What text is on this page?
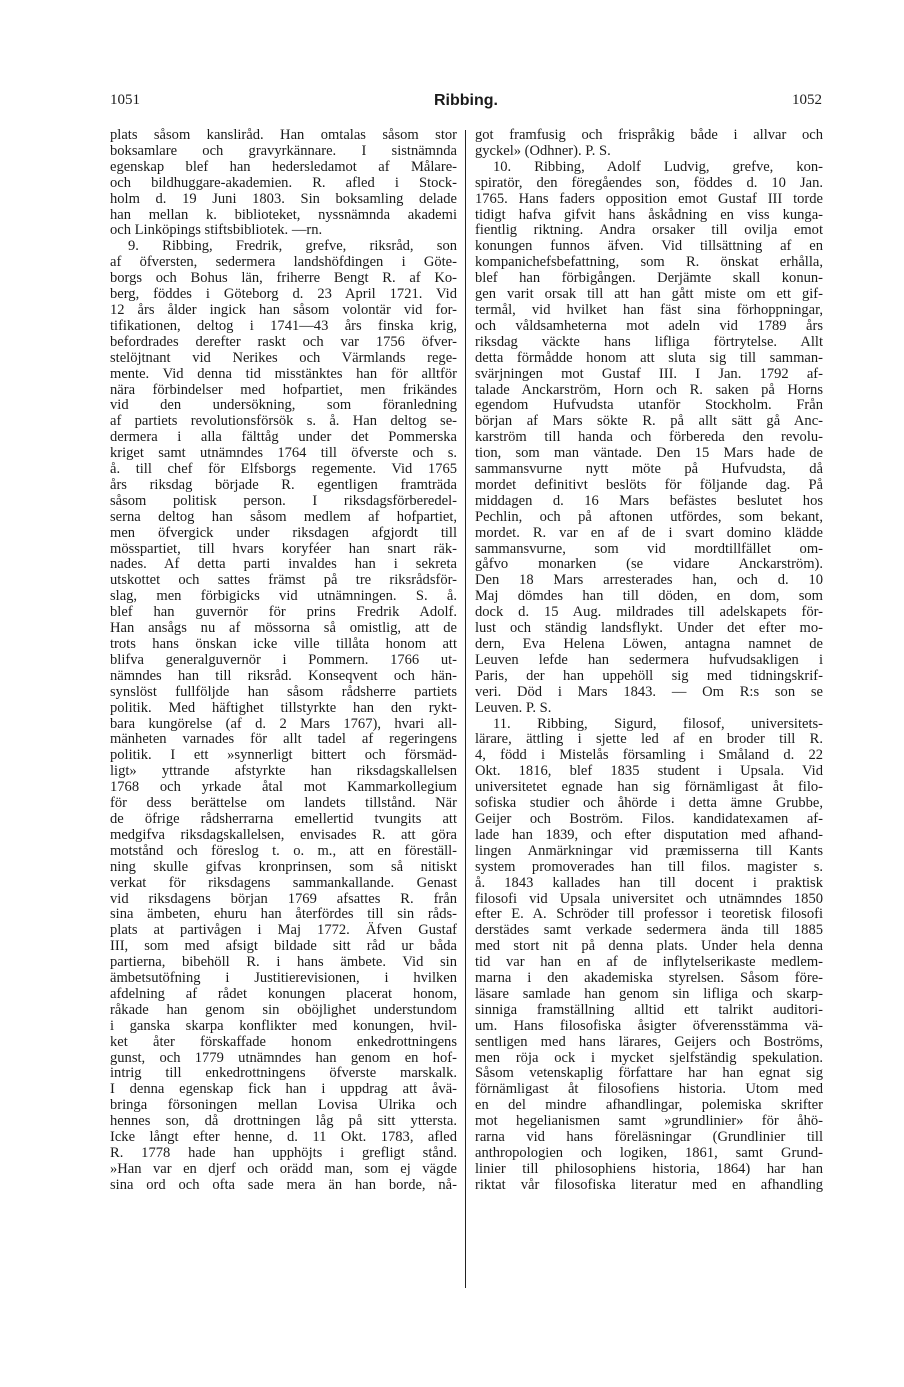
1051	Ribbing.	1052
plats såsom kanslіråd. Han omtalas såsom stor
boksamlare och gravyrkännare. I sistnämnda
egenskap blef han hedersledamot af Målare-
och bildhuggare-akademien. R. afled i Stock-
holm d. 19 Juni 1803. Sin boksamling delade
han mellan k. biblioteket, nyssnämnda akademi
och Linköpings stiftsbibliotek. —rn.
9. Ribbing, Fredrik, grefve, riksråd, son
af öfversten, sedermera landshöfdingen i Göte-
borgs och Bohus län, friherre Bengt R. af Ko-
berg, föddes i Göteborg d. 23 April 1721. Vid
12 års ålder ingick han såsom volontär vid for-
tifikationen, deltog i 1741—43 års finska krig,
befordrades derefter raskt och var 1756 öfver-
stelöjtnant vid Nerikes och Värmlands rege-
mente. Vid denna tid misstänktes han för alltför
nära förbindelser med hofpartiet, men frikändes
vid den undersökning, som föranledning
af partiets revolutionsförsök s. å. Han deltog se-
dermera i alla fälttåg under det Pommerska
kriget samt utnämndes 1764 till öfverste och s.
å. till chef för Elfsborgs regemente. Vid 1765
års riksdag började R. egentligen framträda
såsom politisk person. I riksdagsförberedel-
serna deltog han såsom medlem af hofpartiet,
men öfvergick under riksdagen afgjordt till
mösspartiet, till hvars koryféer han snart räk-
nades. Af detta parti invaldes han i sekreta
utskottet och sattes främst på tre riksrådsför-
slag, men förbigicks vid utnämningen. S. å.
blef han guvernör för prins Fredrik Adolf.
Han ansågs nu af mössorna så omistlig, att de
trots hans önskan icke ville tillåta honom att
blifva generalguvernör i Pommern. 1766 ut-
nämndes han till riksråd. Konseqvent och hän-
synslöst fullföljde han såsom rådsherre partiets
politik. Med häftighet tillstyrkte han den rykt-
bara kungörelse (af d. 2 Mars 1767), hvari all-
mänheten varnades för allt tadel af regeringens
politik. I ett »synnerligt bittert och försmäd-
ligt» yttrande afstyrkte han riksdagskallelsen
1768 och yrkade åtal mot Kammarkollegium
för dess berättelse om landets tillstånd. När
de öfrige rådsherrarna emellertid tvungits att
medgifva riksdagskallelsen, envisades R. att göra
motstånd och föreslog t. o. m., att en föreställ-
ning skulle gifvas kronprinsen, som så nitiskt
verkat för riksdagens sammankallande. Genast
vid riksdagens början 1769 afsattes R. från
sina ämbeten, ehuru han återfördes till sin råds-
plats at partivågen i Maj 1772. Äfven Gustaf
III, som med afsigt bildade sitt råd ur båda
partierna, bibehöll R. i hans ämbete. Vid sin
ämbetsutöfning i Justitierevisionen, i hvilken
afdelning af rådet konungen placerat honom,
råkade han genom sin oböjlighet understundom
i ganska skarpa konflikter med konungen, hvil-
ket åter förskaffade honom enkedrottningens
gunst, och 1779 utnämndes han genom en hof-
intrig till enkedrottningens öfverste marskalk.
I denna egenskap fick han i uppdrag att åvä-
bringa försoningen mellan Lovisa Ulrika och
hennes son, då drottningen låg på sitt yttersta.
Icke långt efter henne, d. 11 Okt. 1783, afled
R. 1778 hade han upphöjts i grefligt stånd.
»Han var en djerf och orädd man, som ej vägde
sina ord och ofta sade mera än han borde, nå-
got framfusig och frispråkig både i allvar och
gyckel» (Odhner). P. S.
10. Ribbing, Adolf Ludvig, grefve, kon-
spiratör, den föregåendes son, föddes d. 10 Jan.
1765. Hans faders opposition emot Gustaf III torde
tidigt hafva gifvit hans åskådning en viss kunga-
fientlig riktning. Andra orsaker till ovilja emot
konungen funnos äfven. Vid tillsättning af en
kompanichefsbefattning, som R. önskat erhålla,
blef han förbigången. Derjämte skall konun-
gen varit orsak till att han gått miste om ett gif-
termål, vid hvilket han fäst sina förhoppningar,
och våldsamheterna mot adeln vid 1789 års
riksdag väckte hans lifliga förtrytelse. Allt
detta förmådde honom att sluta sig till samman-
svärjningen mot Gustaf III. I Jan. 1792 af-
talade Anckarström, Horn och R. saken på Horns
egendom Hufvudsta utanför Stockholm. Från
början af Mars sökte R. på allt sätt gå Anc-
karström till handa och förbereda den revolu-
tion, som man väntade. Den 15 Mars hade de
sammansvurne nytt möte på Hufvudsta, då
mordet definitivt beslöts för följande dag. På
middagen d. 16 Mars befästes beslutet hos
Pechlin, och på aftonen utfördes, som bekant,
mordet. R. var en af de i svart domino klädde
sammansvurne, som vid mordtillfället om-
gåfvo monarken (se vidare Anckarström).
Den 18 Mars arresterades han, och d. 10
Maj dömdes han till döden, en dom, som
dock d. 15 Aug. mildrades till adelskapets för-
lust och ständig landsflykt. Under det efter mo-
dern, Eva Helena Löwen, antagna namnet de
Leuven lefde han sedermera hufvudsakligen i
Paris, der han uppehöll sig med tidningskrif-
veri. Död i Mars 1843. — Om R:s son se
Leuven. P. S.
11. Ribbing, Sigurd, filosof, universitets-
lärare, ättling i sjette led af en broder till R.
4, född i Mistelås församling i Småland d. 22
Okt. 1816, blef 1835 student i Upsala. Vid
universitetet egnade han sig förnämligast åt filo-
sofiska studier och åhörde i detta ämne Grubbe,
Geijer och Boström. Filos. kandidatexamen af-
lade han 1839, och efter disputation med afhand-
lingen Anmärkningar vid præmisserna till Kants
system promoverades han till filos. magister s.
å. 1843 kallades han till docent i praktisk
filosofi vid Upsala universitet och utnämndes 1850
efter E. A. Schröder till professor i teoretisk filosofi
derstädes samt verkade sedermera ända till 1885
med stort nit på denna plats. Under hela denna
tid var han en af de inflytelserikaste medlem-
marna i den akademiska styrelsen. Såsom före-
läsare samlade han genom sin lifliga och skarp-
sinniga framställning alltid ett talrikt auditori-
um. Hans filosofiska åsigter öfverensstämma vä-
sentligen med hans lärares, Geijers och Boströms,
men röja ock i mycket sjelfständig spekulation.
Såsom vetenskaplig författare har han egnat sig
förnämligast åt filosofiens historia. Utom med
en del mindre afhandlingar, polemiska skrifter
mot hegelianismen samt »grundlinier» för åhö-
rarna vid hans föreläsningar (Grundlinier till
anthropologien och logiken, 1861, samt Grund-
linier till philosophiens historia, 1864) har han
riktat vår filosofiska literatur med en afhandling
